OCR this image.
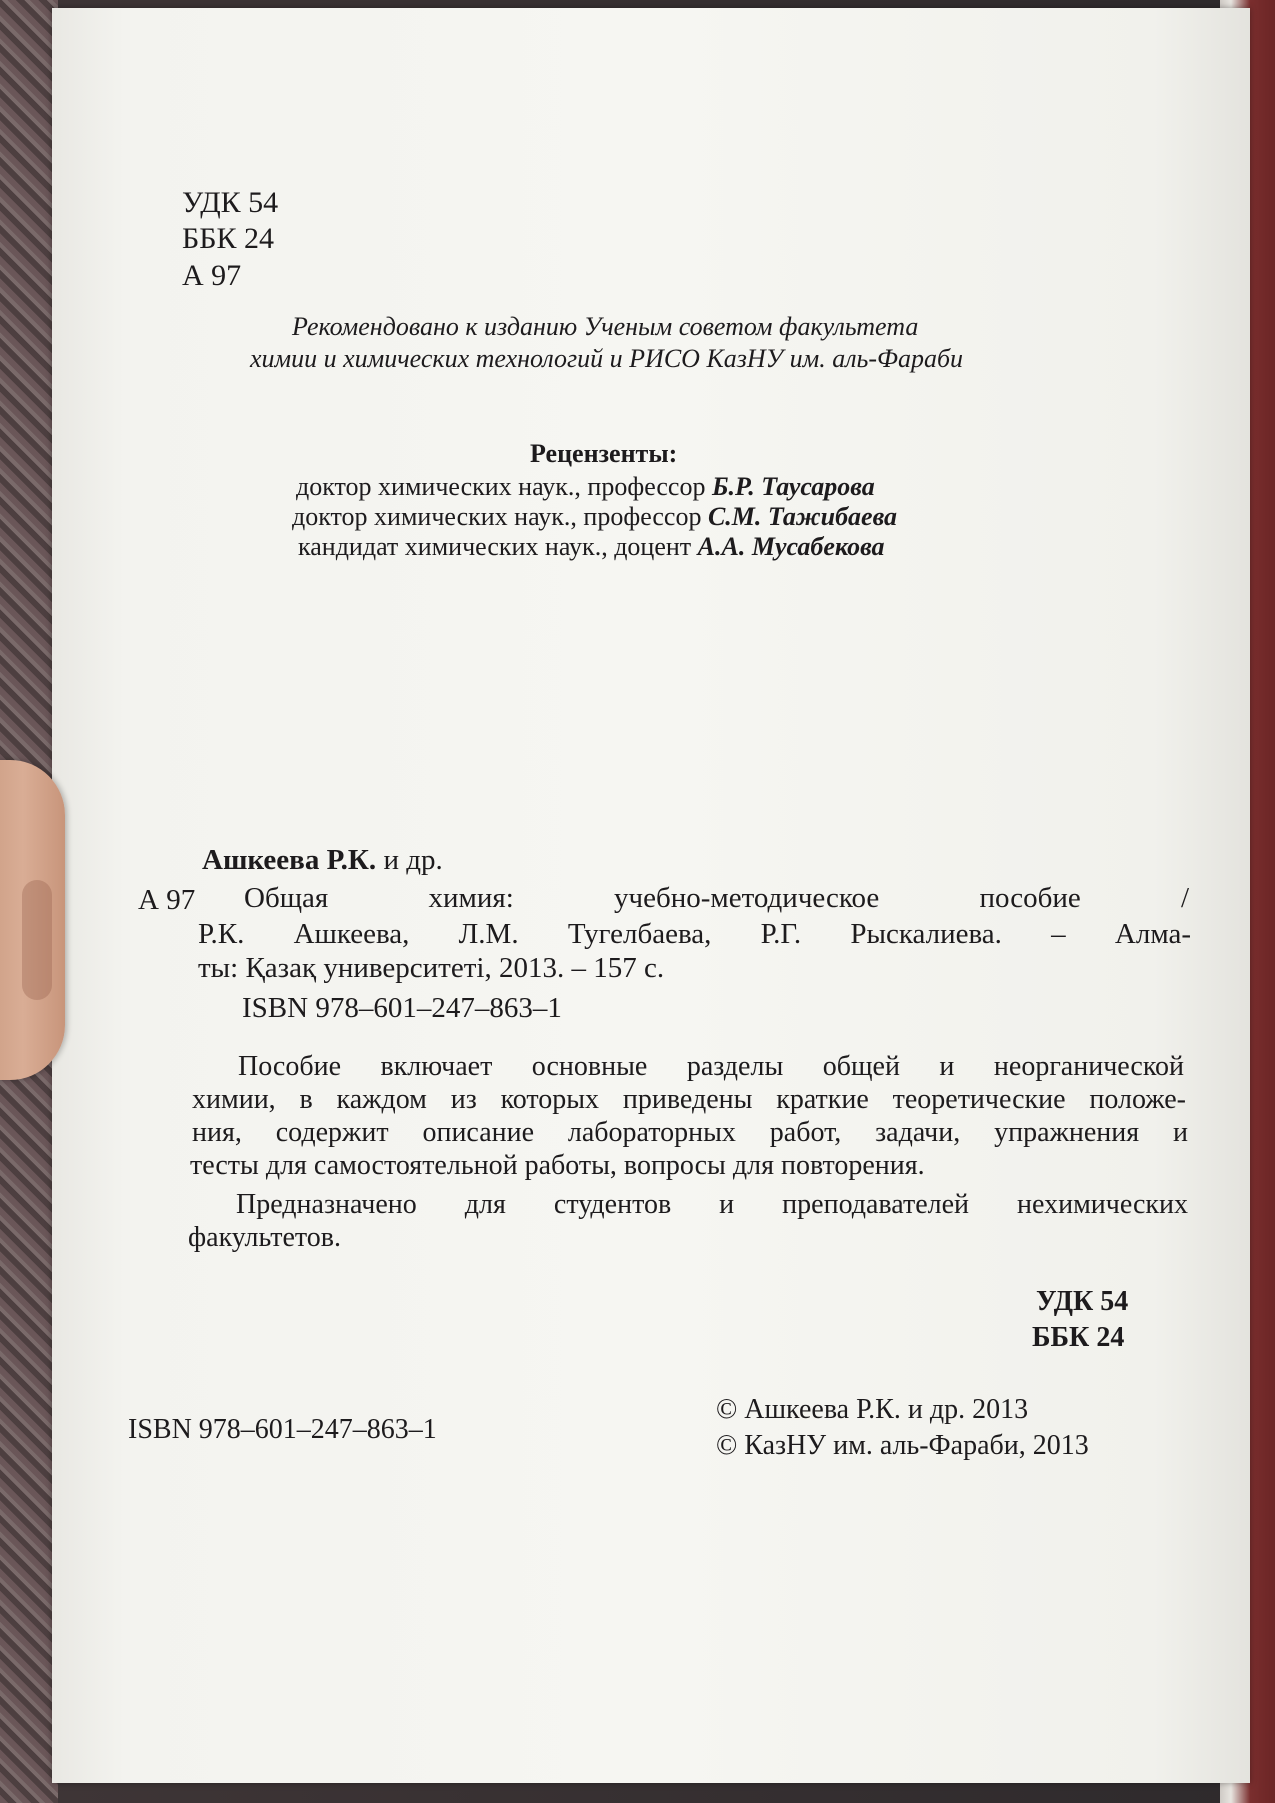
УДК 54
ББК 24
А 97
Рекомендовано к изданию Ученым советом факультета
химии и химических технологий и РИСО КазНУ им. аль-Фараби
Рецензенты:
доктор химических наук., профессор Б.Р. Таусарова
доктор химических наук., профессор С.М. Тажибаева
кандидат химических наук., доцент А.А. Мусабекова
Ашкеева Р.К. и др.
А 97 Общая химия: учебно-методическое пособие /
Р.К. Ашкеева, Л.М. Тугелбаева, Р.Г. Рыскалиева. – Алма-
ты: Қазақ университеті, 2013. – 157 с.
ISBN 978–601–247–863–1
Пособие включает основные разделы общей и неорганической
химии, в каждом из которых приведены краткие теоретические положе-
ния, содержит описание лабораторных работ, задачи, упражнения и
тесты для самостоятельной работы, вопросы для повторения.
Предназначено для студентов и преподавателей нехимических
факультетов.
УДК 54
ББК 24
ISBN 978–601–247–863–1
© Ашкеева Р.К. и др. 2013
© КазНУ им. аль-Фараби, 2013
